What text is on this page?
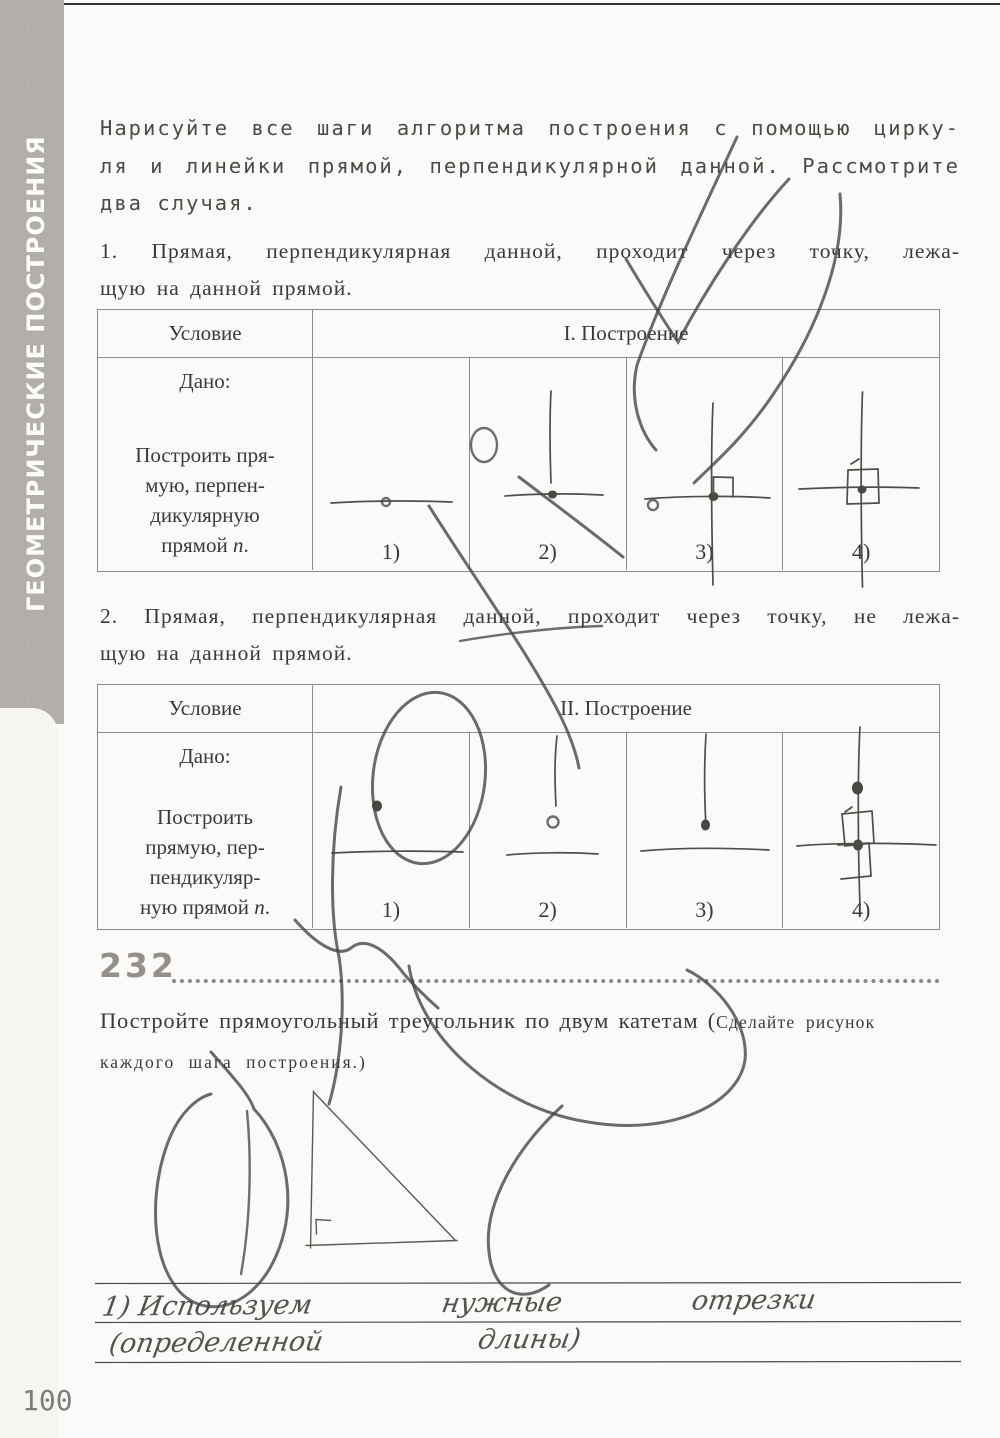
ГЕОМЕТРИЧЕСКИЕ ПОСТРОЕНИЯ
Нарисуйте все шаги алгоритма построения с помощью цирку-
ля и линейки прямой, перпендикулярной данной. Рассмотрите
два случая.
1. Прямая, перпендикулярная данной, проходит через точку, лежа-
щую на данной прямой.
Условие	I. Построение
Дано:
Построить пря-
мую, перпен-
дикулярную
прямой n.	1)	2)	3)	4)
2. Прямая, перпендикулярная данной, проходит через точку, не лежа-
щую на данной прямой.
Условие	II. Построение
Дано:
Построить
прямую, пер-
пендикуляр-
ную прямой n.	1)	2)	3)	4)
232
Постройте прямоугольный треугольник по двум катетам (Сделайте рисунок
каждого шага построения.)
1) Используем	нужные	отрезки
(определенной	длины)
100
